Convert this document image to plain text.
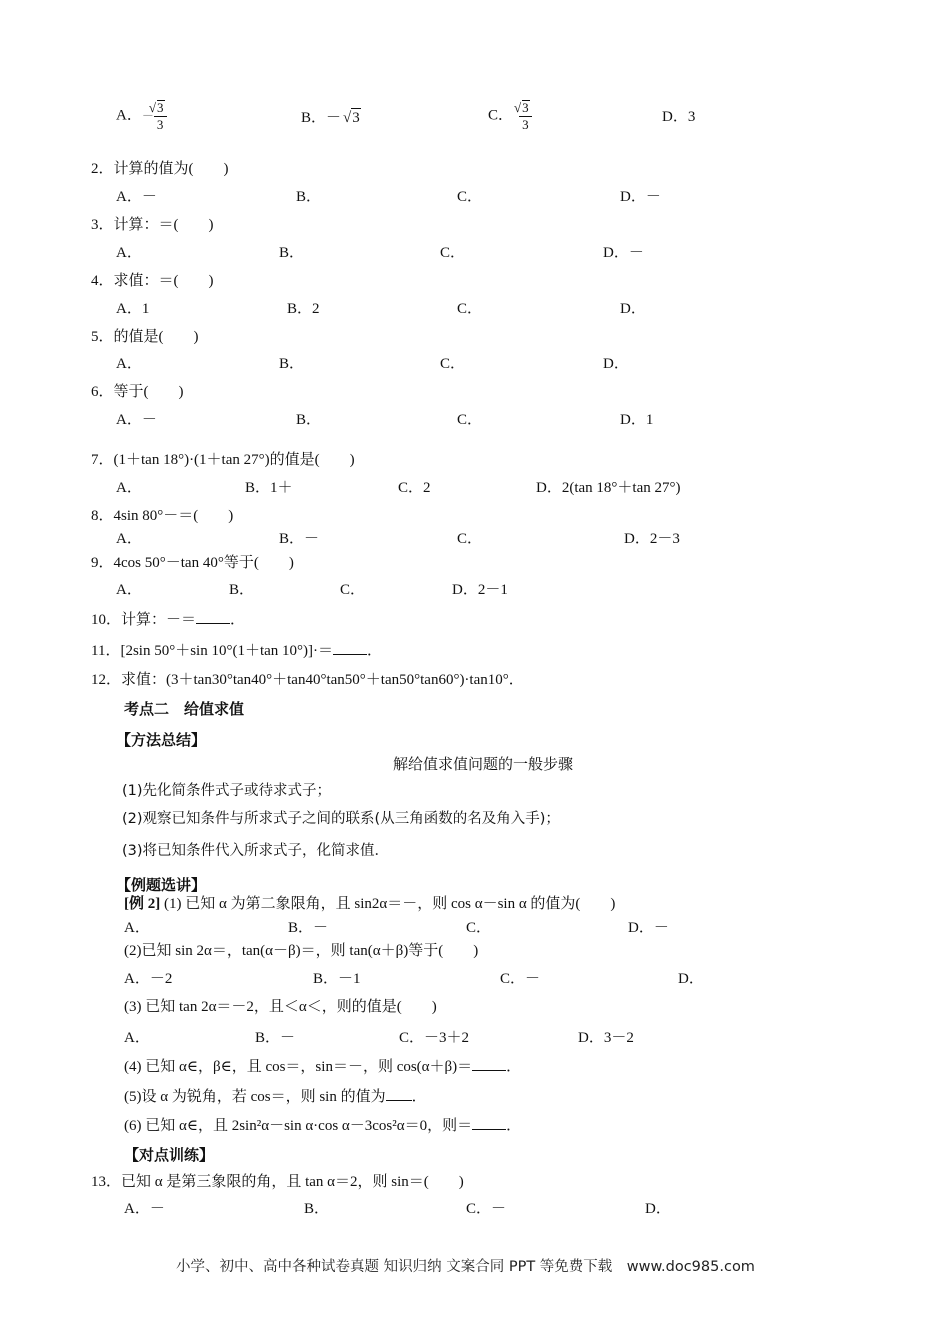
A．－ √ $\frac{3}{3}$	B．－ √ 3	C． √ $\frac{3}{3}$	D．3
2．计算的值为(　　)
A．－	B．	C．	D．－
3．计算：＝(　　)
A．	B．	C．	D．－
4．求值：＝(　　)
A．1	B．2	C．	D．
5．的值是(　　)
A．	B．	C．	D．
6．等于(　　)
A．－	B．	C．	D．1
7．(1＋tan 18°)·(1＋tan 27°)的值是(　　)
A．	B．1＋	C．2	D．2(tan 18°＋tan 27°)
8．4sin 80°－＝(　　)
A．	B．－	C．	D．2－3
9．4cos 50°－tan 40°等于(　　)
A．	B．	C．	D．2－1
10．计算：－＝ ．
11．[2sin 50°＋sin 10°(1＋tan 10°)]·＝ ．
12．求值：(3＋tan30°tan40°＋tan40°tan50°＋tan50°tan60°)·tan10°．
考点二　给值求值
【方法总结】
解给值求值问题的一般步骤
(1)先化简条件式子或待求式子；
(2)观察已知条件与所求式子之间的联系(从三角函数的名及角入手)；
(3)将已知条件代入所求式子，化简求值．
【例题选讲】
[例 2] (1) 已知 α 为第二象限角，且 sin2α＝－，则 cos α－sin α 的值为(　　)
A．	B．－	C．	D．－
(2)已知 sin 2α＝，tan(α－β)＝，则 tan(α＋β)等于(　　)
A．－2	B．－1	C．－	D．
(3) 已知 tan 2α＝－2，且＜α＜，则的值是(　　)
A．	B．－	C．－3＋2	D．3－2
(4) 已知 α∈，β∈，且 cos＝，sin＝－，则 cos(α＋β)＝ ．
(5)设 α 为锐角，若 cos＝，则 sin 的值为 ．
(6) 已知 α∈，且 2sin²α－sin α·cos α－3cos²α＝0，则＝ ．
【对点训练】
13．已知 α 是第三象限的角，且 tan α＝2，则 sin＝(　　)
A．－	B．	C．－	D．
小学、初中、高中各种试卷真题 知识归纳 文案合同 PPT 等免费下载　www.doc985.com
